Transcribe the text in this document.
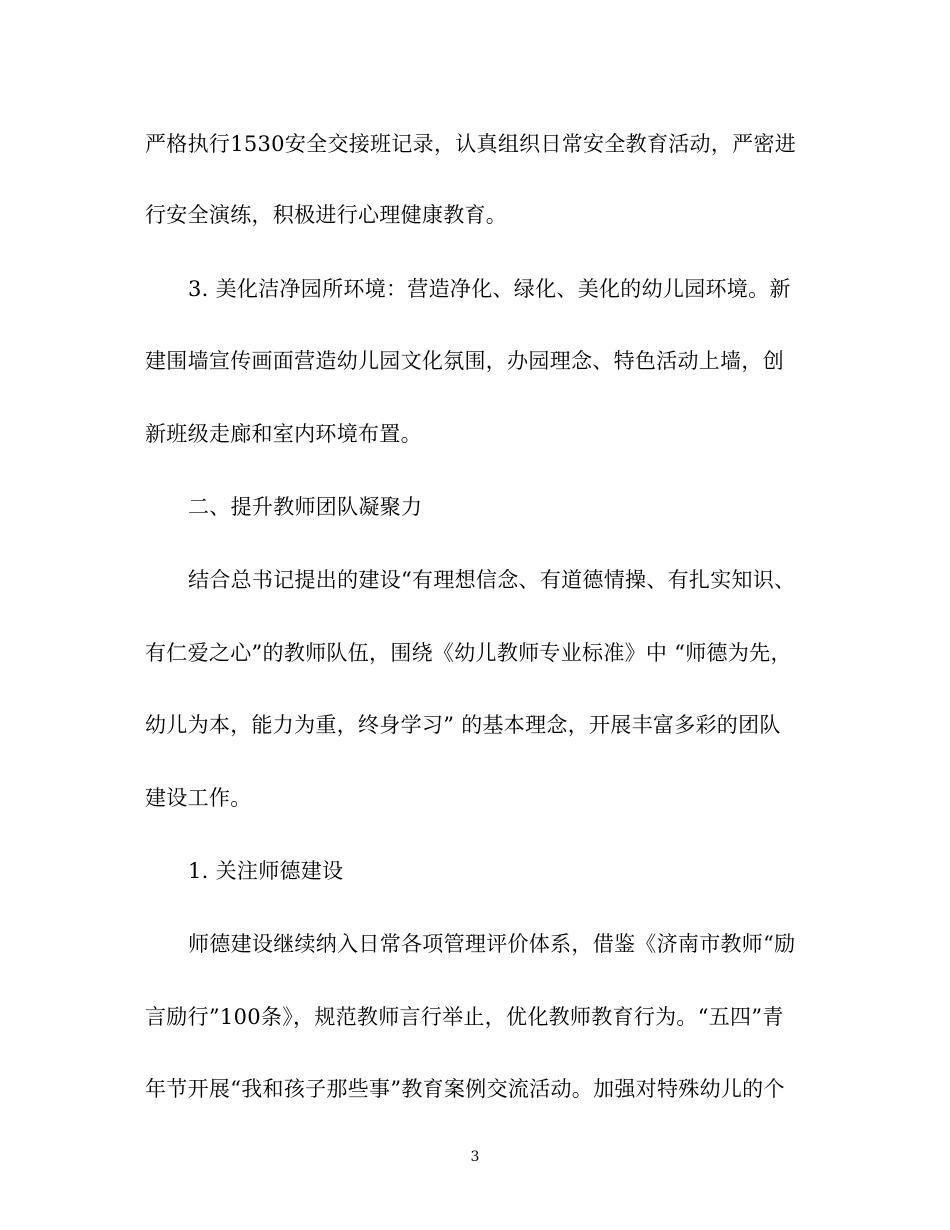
严格执行1530安全交接班记录，认真组织日常安全教育活动，严密进
行安全演练，积极进行心理健康教育。
3. 美化洁净园所环境：营造净化、绿化、美化的幼儿园环境。新
建围墙宣传画面营造幼儿园文化氛围，办园理念、特色活动上墙，创
新班级走廊和室内环境布置。
二、提升教师团队凝聚力
结合总书记提出的建设“有理想信念、有道德情操、有扎实知识、
有仁爱之心”的教师队伍，围绕《幼儿教师专业标准》中 “师德为先，
幼儿为本，能力为重，终身学习” 的基本理念，开展丰富多彩的团队
建设工作。
1. 关注师德建设
师德建设继续纳入日常各项管理评价体系，借鉴《济南市教师“励
言励行”100条》，规范教师言行举止，优化教师教育行为。“五四”青
年节开展“我和孩子那些事”教育案例交流活动。加强对特殊幼儿的个
3
